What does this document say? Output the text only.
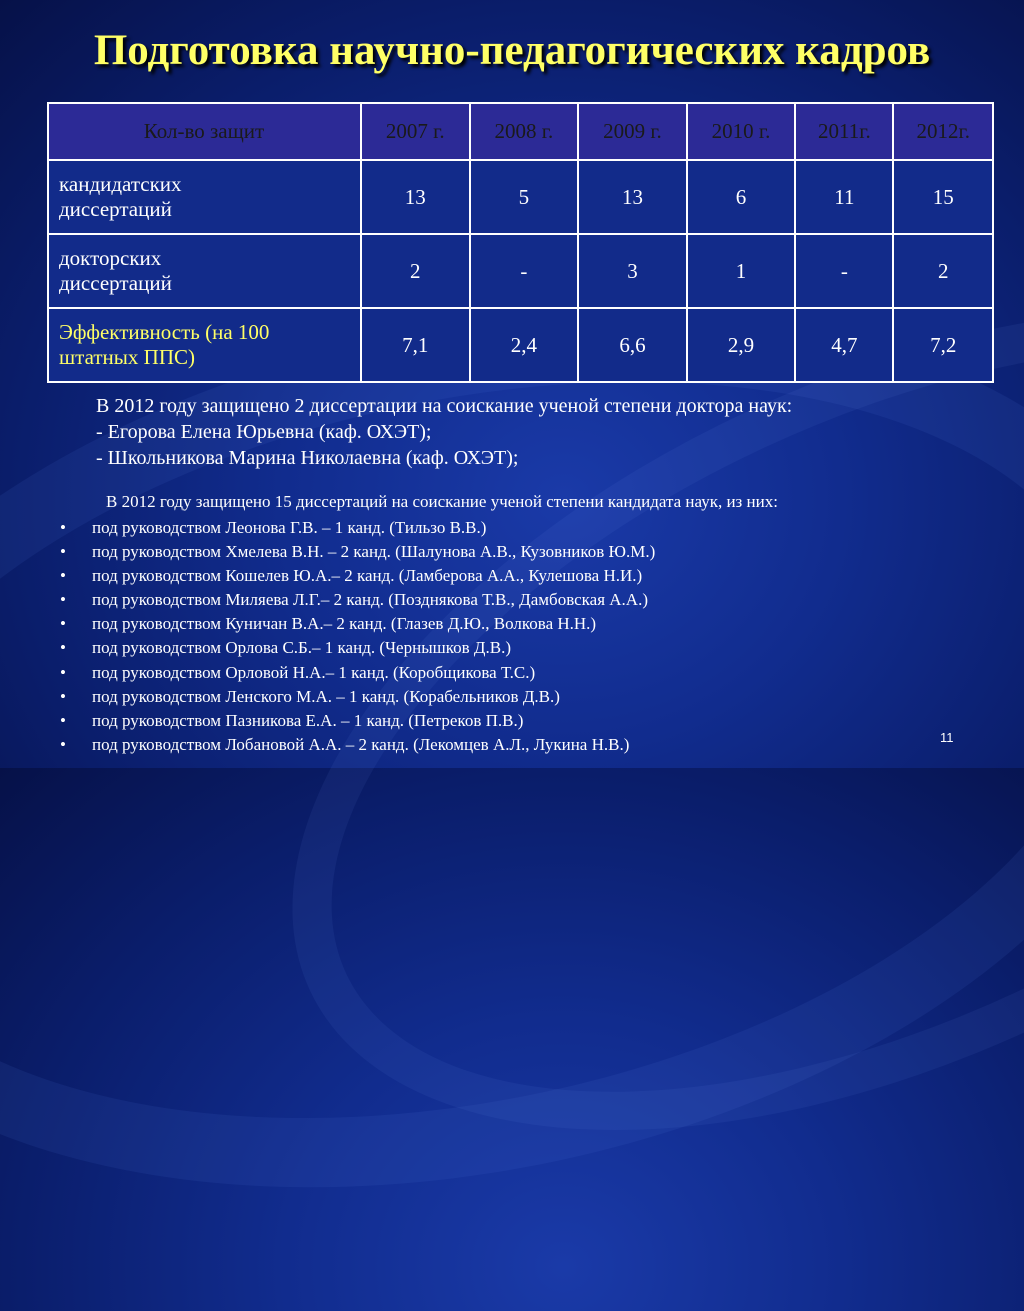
Подготовка научно-педагогических кадров
Кол-во защит	2007 г.	2008 г.	2009 г.	2010 г.	2011г.	2012г.
кандидатских
диссертаций	13	5	13	6	11	15
докторских
диссертаций	2	-	3	1	-	2
Эффективность (на 100
штатных ППС)	7,1	2,4	6,6	2,9	4,7	7,2
В 2012 году защищено 2 диссертации на соискание ученой степени доктора наук:
- Егорова Елена Юрьевна (каф. ОХЭТ);
- Школьникова Марина Николаевна (каф. ОХЭТ);
В 2012 году защищено 15 диссертаций на соискание ученой степени кандидата наук, из них:
• под руководством Леонова Г.В. – 1 канд. (Тильзо В.В.)
• под руководством Хмелева В.Н. – 2 канд. (Шалунова А.В., Кузовников Ю.М.)
• под руководством Кошелев Ю.А.– 2 канд. (Ламберова А.А., Кулешова Н.И.)
• под руководством Миляева Л.Г.– 2 канд. (Позднякова Т.В., Дамбовская А.А.)
• под руководством Куничан В.А.– 2 канд. (Глазев Д.Ю., Волкова Н.Н.)
• под руководством Орлова С.Б.– 1 канд. (Чернышков Д.В.)
• под руководством Орловой Н.А.– 1 канд. (Коробщикова Т.С.)
• под руководством Ленского М.А. – 1 канд. (Корабельников Д.В.)
• под руководством Пазникова Е.А. – 1 канд. (Петреков П.В.)
• под руководством Лобановой А.А. – 2 канд. (Лекомцев А.Л., Лукина Н.В.)	11
